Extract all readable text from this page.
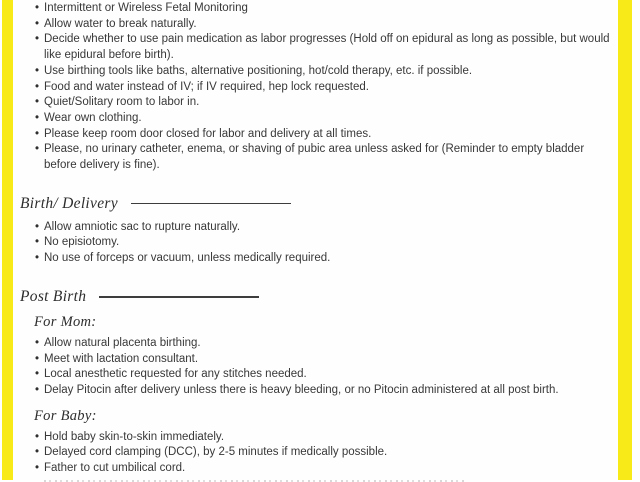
• Intermittent or Wireless Fetal Monitoring
• Allow water to break naturally.
• Decide whether to use pain medication as labor progresses (Hold off on epidural as long as possible, but would like epidural before birth).
• Use birthing tools like baths, alternative positioning, hot/cold therapy, etc. if possible.
• Food and water instead of IV; if IV required, hep lock requested.
• Quiet/Solitary room to labor in.
• Wear own clothing.
• Please keep room door closed for labor and delivery at all times.
• Please, no urinary catheter, enema, or shaving of pubic area unless asked for (Reminder to empty bladder before delivery is fine).
Birth/ Delivery
• Allow amniotic sac to rupture naturally.
• No episiotomy.
• No use of forceps or vacuum, unless medically required.
Post Birth
For Mom:
• Allow natural placenta birthing.
• Meet with lactation consultant.
• Local anesthetic requested for any stitches needed.
• Delay Pitocin after delivery unless there is heavy bleeding, or no Pitocin administered at all post birth.
For Baby:
• Hold baby skin-to-skin immediately.
• Delayed cord clamping (DCC), by 2-5 minutes if medically possible.
• Father to cut umbilical cord.
